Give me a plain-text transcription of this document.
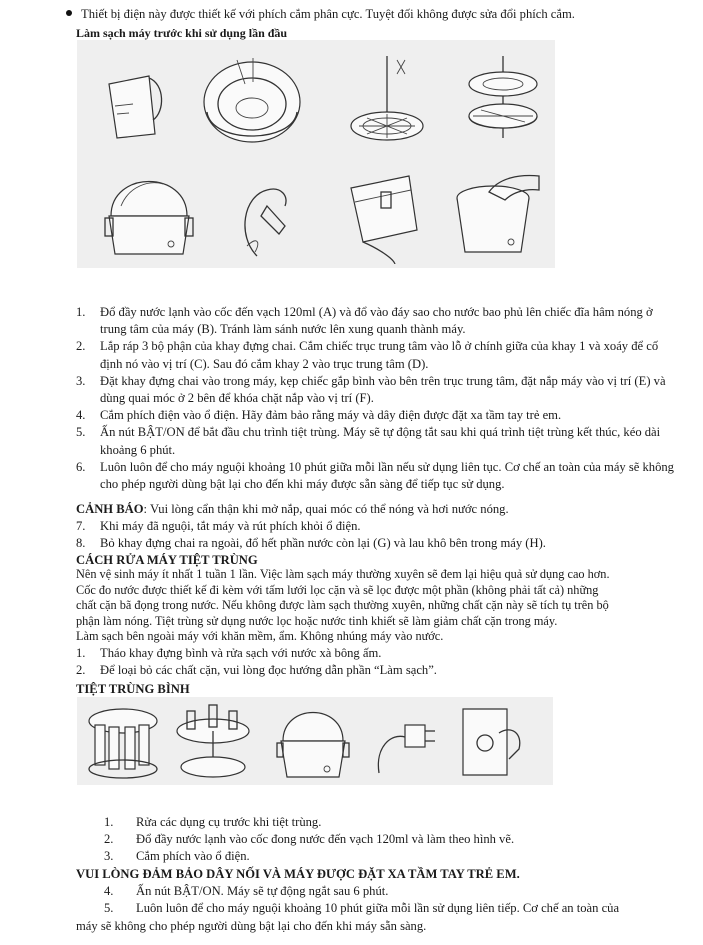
Thiết bị điện này được thiết kế với phích cắm phân cực. Tuyệt đối không được sửa đổi phích cắm.
Làm sạch máy trước khi sử dụng lần đầu
1. Đổ đầy nước lạnh vào cốc đến vạch 120ml (A) và đổ vào đáy sao cho nước bao phủ lên chiếc đĩa hâm nóng ở trung tâm của máy (B). Tránh làm sánh nước lên xung quanh thành máy.
2. Lắp ráp 3 bộ phận của khay đựng chai. Cắm chiếc trục trung tâm vào lỗ ở chính giữa của khay 1 và xoáy để cố định nó vào vị trí (C). Sau đó cắm khay 2 vào trục trung tâm (D).
3. Đặt khay đựng chai vào trong máy, kẹp chiếc gắp bình vào bên trên trục trung tâm, đặt nắp máy vào vị trí (E) và dùng quai móc ở 2 bên để khóa chặt nắp vào vị trí (F).
4. Cắm phích điện vào ổ điện. Hãy đảm bảo rằng máy và dây điện được đặt xa tầm tay trẻ em.
5. Ấn nút BẬT/ON để bắt đầu chu trình tiệt trùng. Máy sẽ tự động tắt sau khi quá trình tiệt trùng kết thúc, kéo dài khoảng 6 phút.
6. Luôn luôn để cho máy nguội khoảng 10 phút giữa mỗi lần nếu sử dụng liên tục. Cơ chế an toàn của máy sẽ không cho phép người dùng bật lại cho đến khi máy được sẵn sàng để tiếp tục sử dụng.
CẢNH BÁO: Vui lòng cẩn thận khi mở nắp, quai móc có thể nóng và hơi nước nóng.
7. Khi máy đã nguội, tắt máy và rút phích khỏi ổ điện.
8. Bỏ khay đựng chai ra ngoài, đổ hết phần nước còn lại (G) và lau khô bên trong máy (H).
CÁCH RỬA MÁY TIỆT TRÙNG
Nên vệ sinh máy ít nhất 1 tuần 1 lần. Việc làm sạch máy thường xuyên sẽ đem lại hiệu quả sử dụng cao hơn.
Cốc đo nước được thiết kế đi kèm với tấm lưới lọc cặn và sẽ lọc được một phần (không phải tất cả) những
chất cặn bã đọng trong nước. Nếu không được làm sạch thường xuyên, những chất cặn này sẽ tích tụ trên bộ
phận làm nóng. Tiệt trùng sử dụng nước lọc hoặc nước tinh khiết sẽ làm giảm chất cặn trong máy.
Làm sạch bên ngoài máy với khăn mềm, ẩm. Không nhúng máy vào nước.
1. Tháo khay đựng bình và rửa sạch với nước xà bông ấm.
2. Để loại bỏ các chất cặn, vui lòng đọc hướng dẫn phần “Làm sạch”.
TIỆT TRÙNG BÌNH
1. Rửa các dụng cụ trước khi tiệt trùng.
2. Đổ đầy nước lạnh vào cốc đong nước đến vạch 120ml và làm theo hình vẽ.
3. Cắm phích vào ổ điện.
VUI LÒNG ĐẢM BẢO DÂY NỐI VÀ MÁY ĐƯỢC ĐẶT XA TẦM TAY TRẺ EM.
4. Ấn nút BẬT/ON. Máy sẽ tự động ngắt sau 6 phút.
5. Luôn luôn để cho máy nguội khoảng 10 phút giữa mỗi lần sử dụng liên tiếp. Cơ chế an toàn của
máy sẽ không cho phép người dùng bật lại cho đến khi máy sẵn sàng.
